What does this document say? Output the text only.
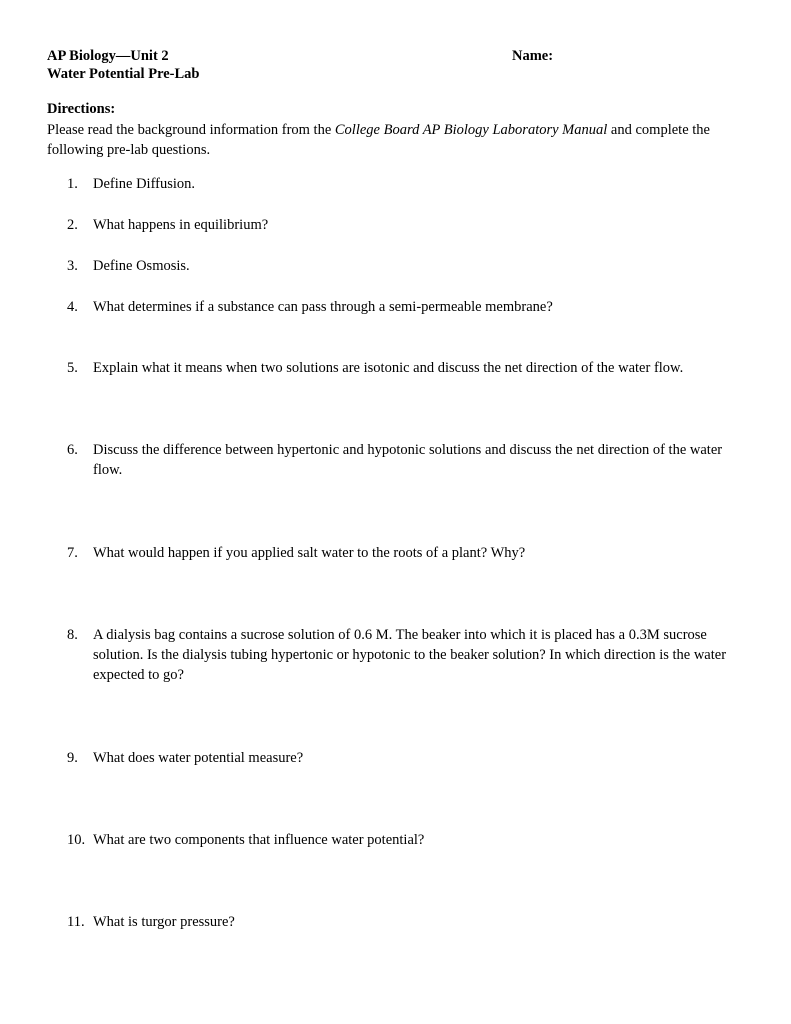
AP Biology—Unit 2
Water Potential Pre-Lab
Name:
Directions:
Please read the background information from the College Board AP Biology Laboratory Manual and complete the following pre-lab questions.
1.	Define Diffusion.
2.	What happens in equilibrium?
3.	Define Osmosis.
4.	What determines if a substance can pass through a semi-permeable membrane?
5.	Explain what it means when two solutions are isotonic and discuss the net direction of the water flow.
6.	Discuss the difference between hypertonic and hypotonic solutions and discuss the net direction of the water flow.
7.	What would happen if you applied salt water to the roots of a plant? Why?
8.	A dialysis bag contains a sucrose solution of 0.6 M. The beaker into which it is placed has a 0.3M sucrose solution. Is the dialysis tubing hypertonic or hypotonic to the beaker solution? In which direction is the water expected to go?
9.	What does water potential measure?
10. What are two components that influence water potential?
11. What is turgor pressure?
